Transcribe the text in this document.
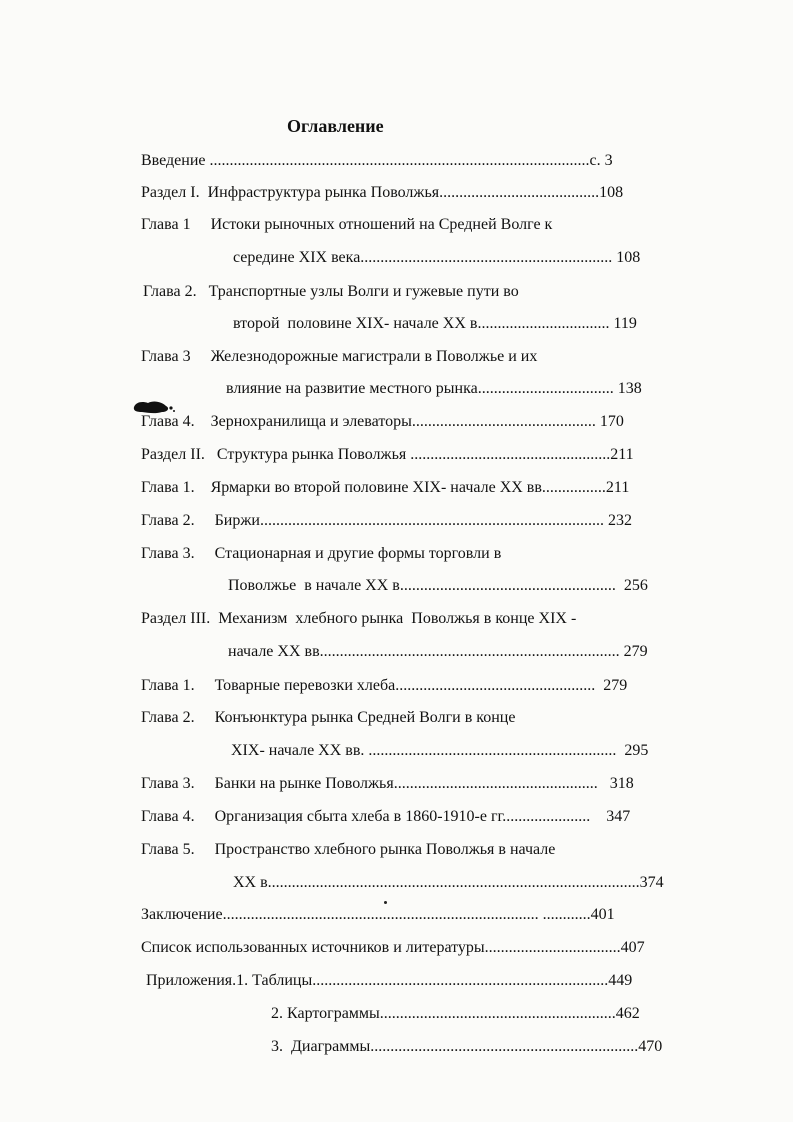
Оглавление
Введение ...............................................................................................с. 3
Раздел I.  Инфраструктура рынка Поволжья........................................108
Глава 1     Истоки рыночных отношений на Средней Волге к
середине XIX века............................................................... 108
Глава 2.   Транспортные узлы Волги и гужевые пути во
второй  половине XIX- начале XX в................................. 119
Глава 3     Железнодорожные магистрали в Поволжье и их
влияние на развитие местного рынка.................................. 138
Глава 4.    Зернохранилища и элеваторы.............................................. 170
Раздел II.   Структура рынка Поволжья ..................................................211
Глава 1.    Ярмарки во второй половине XIX- начале XX вв................211
Глава 2.     Биржи...................................................................................... 232
Глава 3.     Стационарная и другие формы торговли в
Поволжье  в начале XX в......................................................  256
Раздел III.  Механизм  хлебного рынка  Поволжья в конце XIX -
начале XX вв........................................................................... 279
Глава 1.     Товарные перевозки хлеба..................................................  279
Глава 2.     Конъюнктура рынка Средней Волги в конце
XIX- начале XX вв. ..............................................................  295
Глава 3.     Банки на рынке Поволжья...................................................   318
Глава 4.     Организация сбыта хлеба в 1860-1910-е гг......................    347
Глава 5.     Пространство хлебного рынка Поволжья в начале
XX в.............................................................................................374
Заключение............................................................................... ............401
Список использованных источников и литературы..................................407
Приложения.1. Таблицы..........................................................................449
2. Картограммы...........................................................462
3.  Диаграммы...................................................................470
